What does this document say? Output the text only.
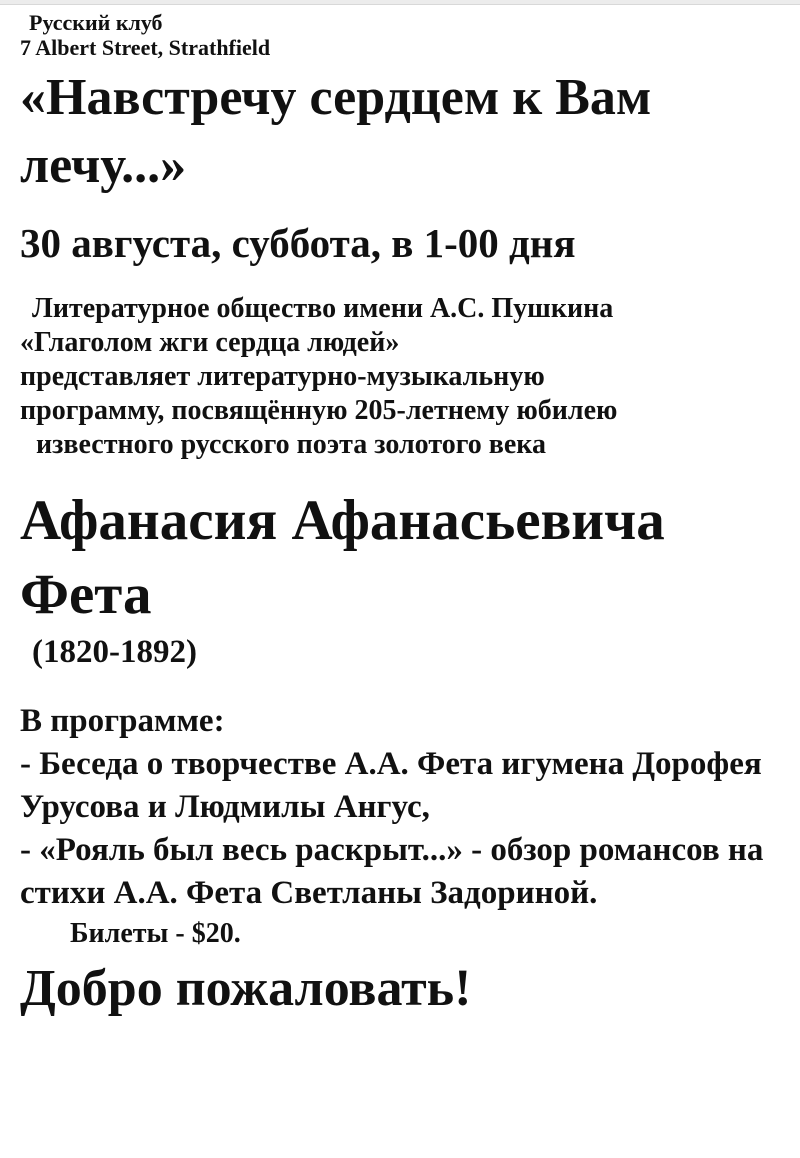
Русский клуб
7 Albert Street, Strathfield
«Навстречу сердцем к Вам лечу...»
30 августа, суббота, в 1-00 дня
Литературное общество имени А.С. Пушкина
«Глаголом жги сердца людей»
представляет литературно-музыкальную
программу, посвящённую 205-летнему юбилею
известного русского поэта золотого века
Афанасия Афанасьевича Фета
(1820-1892)
В программе:
- Беседа о творчестве А.А. Фета игумена Дорофея Урусова и Людмилы Ангус,
- «Рояль был весь раскрыт...» - обзор романсов на стихи А.А. Фета Светланы Задориной.
Билеты - $20.
Добро пожаловать!
